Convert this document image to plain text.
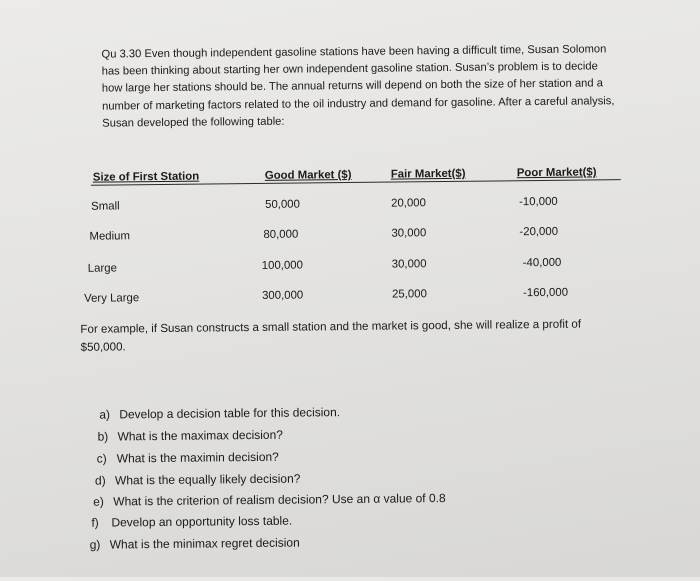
Qu 3.30 Even though independent gasoline stations have been having a difficult time, Susan Solomon

has been thinking about starting her own independent gasoline station. Susan’s problem is to decide

how large her stations should be. The annual returns will depend on both the size of her station and a

number of marketing factors related to the oil industry and demand for gasoline. After a careful analysis,

Susan developed the following table:

Size of First Station	Good Market ($)	Fair Market($)	Poor Market($)
Small	50,000	20,000	-10,000
Medium	80,000	30,000	-20,000
Large	100,000	30,000	-40,000
Very Large	300,000	25,000	-160,000

For example, if Susan constructs a small station and the market is good, she will realize a profit of

$50,000.

a) Develop a decision table for this decision.
b) What is the maximax decision?
c) What is the maximin decision?
d) What is the equally likely decision?
e) What is the criterion of realism decision? Use an α value of 0.8
f) Develop an opportunity loss table.
g) What is the minimax regret decision
